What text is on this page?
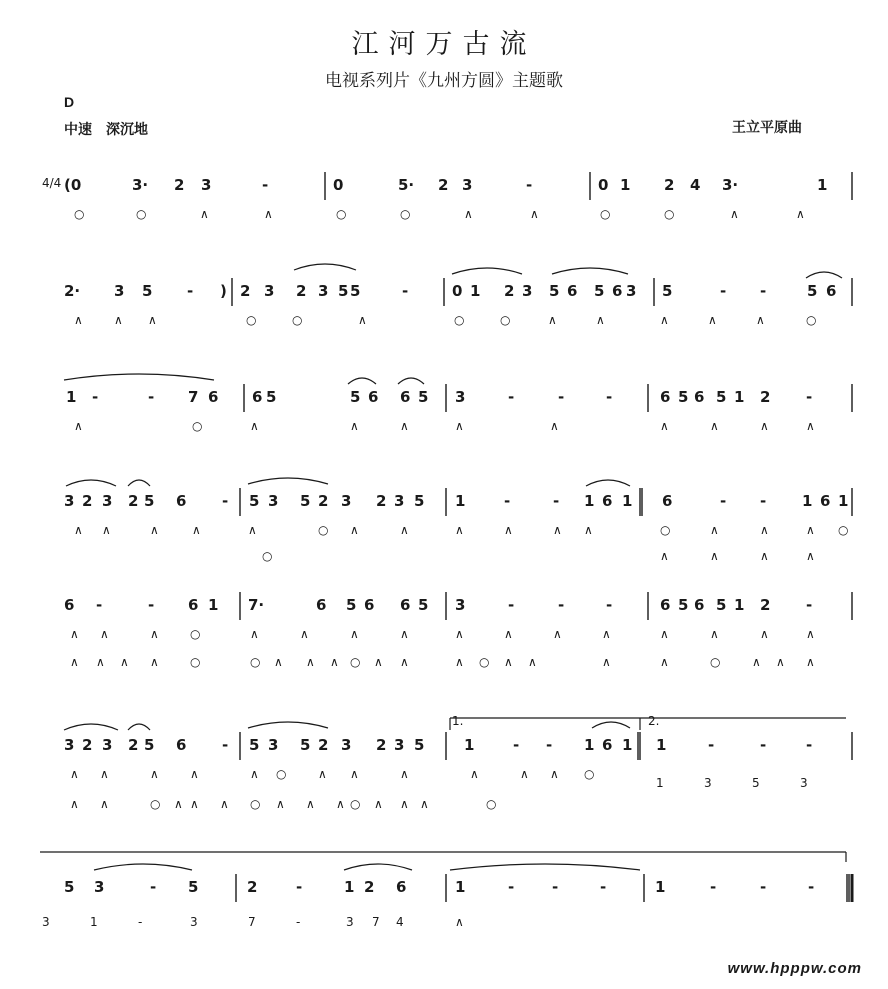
江河万古流
电视系列片《九州方圆》主题歌
D
中速　深沉地	王立平原曲
(0	3· 2 3	-	0	5· 2 3	-	0 1 2 4 3·	1
○	○	∧	∧	○	○	∧	∧	○	○	∧	∧
2· 3 5 - ) 2 3 2 3 5 5	-	0 1 2 3 5 6 5 6 3 5	- -	5 6
∧	∧ ∧	○	○	∧	○	○	∧	∧	∧	∧	∧	○
1 -	- 7 6 6 5	5 6 6 5 3	-	-	-	6 5 6 5 1 2 -
∧	○	∧	∧	∧	∧	∧	∧	∧	∧
∧
3 2 3 2 5 6 - 5 3 5 2 3 2 3 5 1	-	- 1 6 1 6	- - 1 6 1
∧ ∧	∧	∧	∧	○ ∧	∧	∧	∧	∧ ∧	○	∧	∧	∧ ○
∧	∧	∧	∧
○
6 -	- 6 1 7·	6 5 6 6 5 3	-	-	-	6 5 6 5 1 2 -
∧ ∧	∧	○	∧	∧	∧	∧	∧	∧	∧	∧	∧	∧	∧	∧
∧ ∧ ∧ ∧	○	○ ∧ ∧ ∧ ○ ∧ ∧	∧ ○ ∧ ∧	∧	∧	○	∧ ∧ ∧
3 2 3 2 5 6 - 5 3 5 2 3 2 3 5	1	- - 1 6 1 1	-	-	-
∧ ∧	∧	∧	∧ ○	∧ ∧	∧	∧	∧ ∧ ○
∧ ∧	○ ∧ ∧ ∧ ○ ∧ ∧ ∧ ○ ∧ ∧ ∧	○
1	3	5	3
1.	2.
5 3	- 5	2	-	1 2 6	1	-	-	-	1	-	-	-
3	1	-	3	7	-	3 7 4	∧
4/4
www.hpppw.com
